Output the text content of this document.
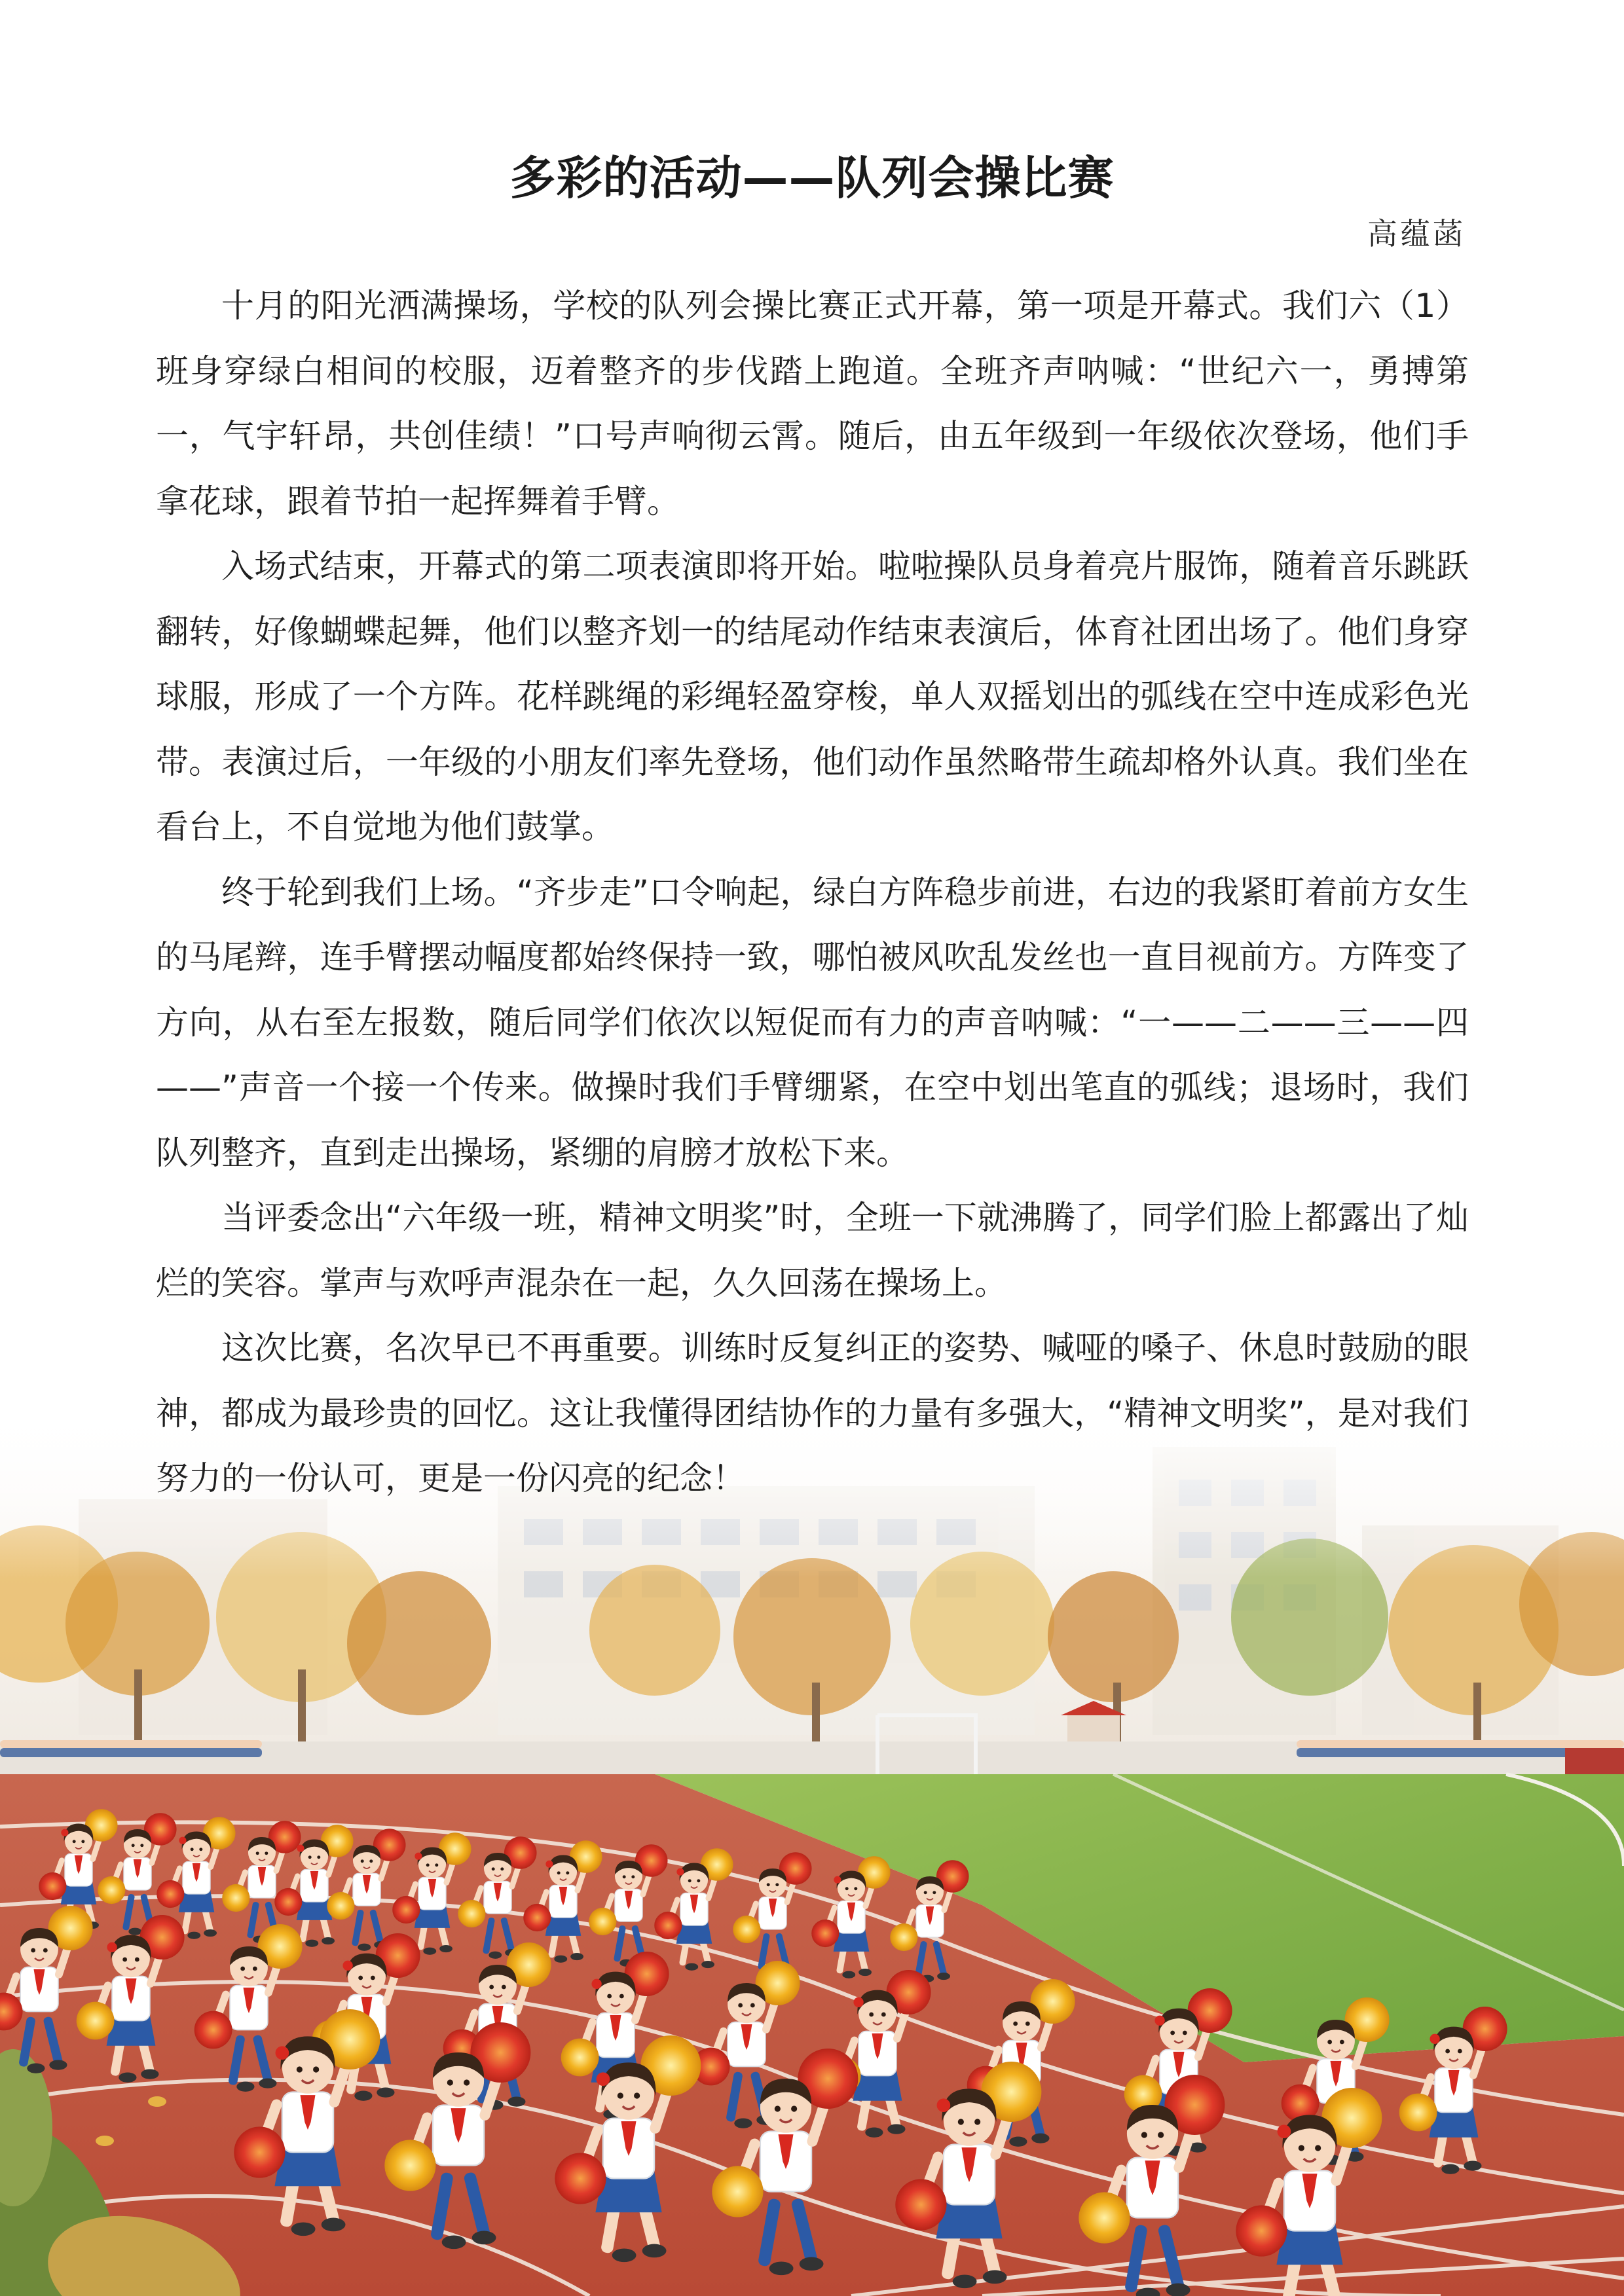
多彩的活动——队列会操比赛
高蕴菡

十月的阳光洒满操场，学校的队列会操比赛正式开幕，第一项是开幕式。我们六（1）班身穿绿白相间的校服，迈着整齐的步伐踏上跑道。全班齐声呐喊：“世纪六一，勇搏第一，气宇轩昂，共创佳绩！”口号声响彻云霄。随后，由五年级到一年级依次登场，他们手拿花球，跟着节拍一起挥舞着手臂。

入场式结束，开幕式的第二项表演即将开始。啦啦操队员身着亮片服饰，随着音乐跳跃翻转，好像蝴蝶起舞，他们以整齐划一的结尾动作结束表演后，体育社团出场了。他们身穿球服，形成了一个方阵。花样跳绳的彩绳轻盈穿梭，单人双摇划出的弧线在空中连成彩色光带。表演过后，一年级的小朋友们率先登场，他们动作虽然略带生疏却格外认真。我们坐在看台上，不自觉地为他们鼓掌。

终于轮到我们上场。“齐步走”口令响起，绿白方阵稳步前进，右边的我紧盯着前方女生的马尾辫，连手臂摆动幅度都始终保持一致，哪怕被风吹乱发丝也一直目视前方。方阵变了方向，从右至左报数，随后同学们依次以短促而有力的声音呐喊：“一——二——三——四——”声音一个接一个传来。做操时我们手臂绷紧，在空中划出笔直的弧线；退场时，我们队列整齐，直到走出操场，紧绷的肩膀才放松下来。

当评委念出“六年级一班，精神文明奖”时，全班一下就沸腾了，同学们脸上都露出了灿烂的笑容。掌声与欢呼声混杂在一起，久久回荡在操场上。

这次比赛，名次早已不再重要。训练时反复纠正的姿势、喊哑的嗓子、休息时鼓励的眼神，都成为最珍贵的回忆。这让我懂得团结协作的力量有多强大，“精神文明奖”，是对我们努力的一份认可，更是一份闪亮的纪念！
